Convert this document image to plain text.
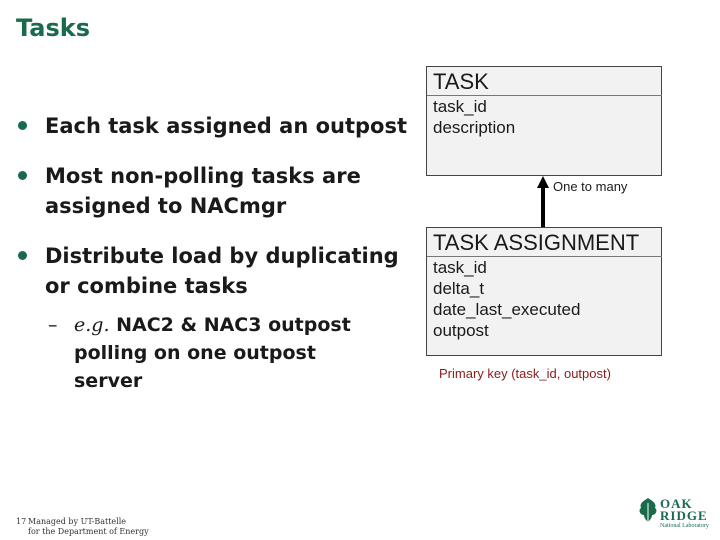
Tasks
Each task assigned an outpost
Most non-polling tasks are assigned to NACmgr
Distribute load by duplicating or combine tasks
– e.g. NAC2 & NAC3 outpost polling on one outpost server
TASK
task_id
description
One to many
TASK ASSIGNMENT
task_id
delta_t
date_last_executed
outpost
Primary key (task_id, outpost)
17 Managed by UT-Battelle
for the Department of Energy
OAK
RIDGE
National Laboratory
